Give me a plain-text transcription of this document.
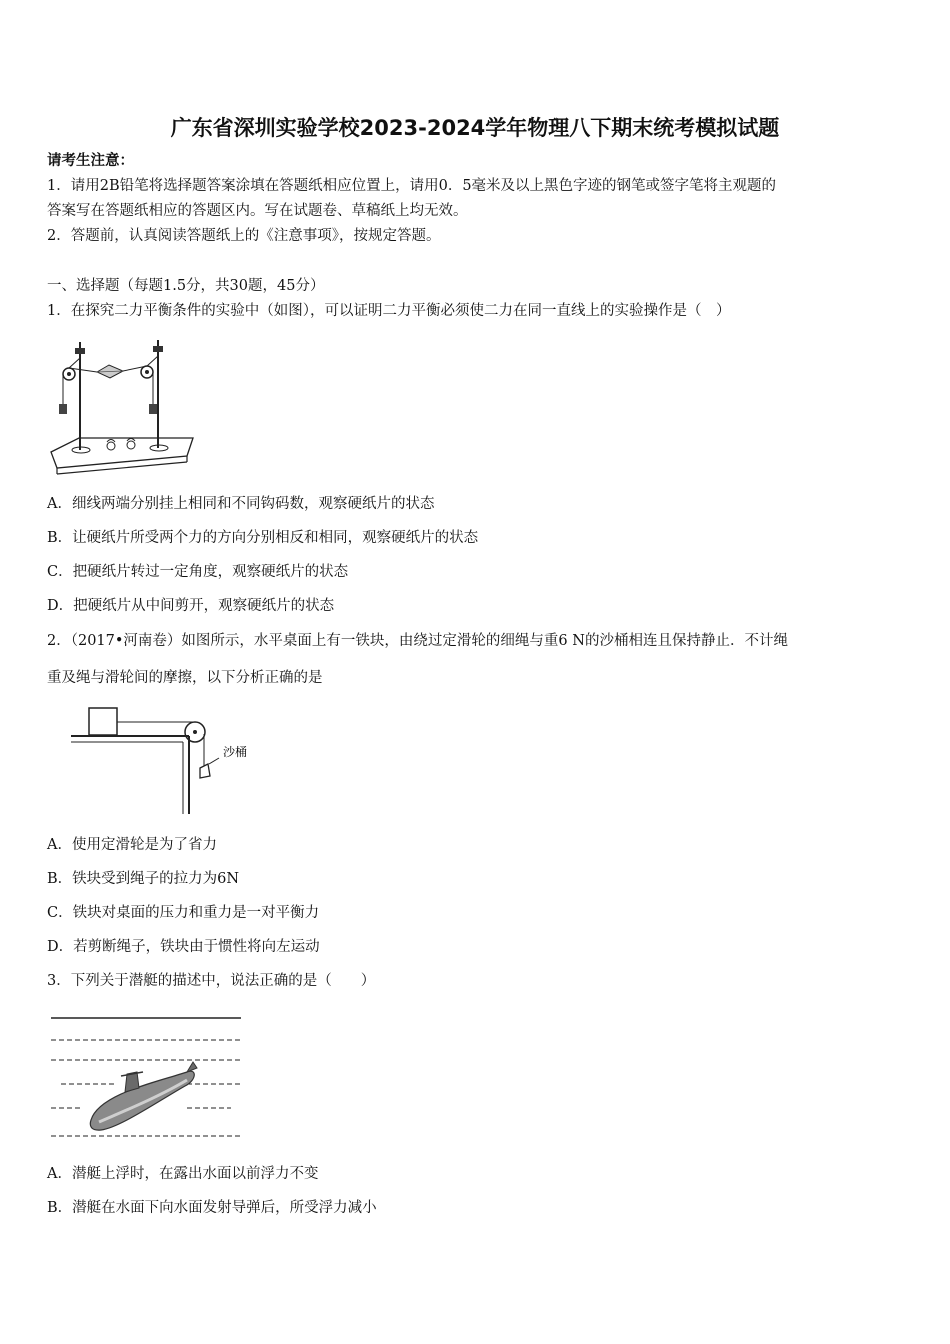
广东省深圳实验学校2023-2024学年物理八下期末统考模拟试题
请考生注意：
1．请用2B铅笔将选择题答案涂填在答题纸相应位置上，请用0．5毫米及以上黑色字迹的钢笔或签字笔将主观题的
答案写在答题纸相应的答题区内。写在试题卷、草稿纸上均无效。
2．答题前，认真阅读答题纸上的《注意事项》，按规定答题。
一、选择题（每题1.5分，共30题，45分）
1．在探究二力平衡条件的实验中（如图），可以证明二力平衡必须使二力在同一直线上的实验操作是（　）
A．细线两端分别挂上相同和不同钩码数，观察硬纸片的状态
B．让硬纸片所受两个力的方向分别相反和相同，观察硬纸片的状态
C．把硬纸片转过一定角度，观察硬纸片的状态
D．把硬纸片从中间剪开，观察硬纸片的状态
2．（2017•河南卷）如图所示，水平桌面上有一铁块，由绕过定滑轮的细绳与重6 N的沙桶相连且保持静止．不计绳
重及绳与滑轮间的摩擦，以下分析正确的是
沙桶
A．使用定滑轮是为了省力
B．铁块受到绳子的拉力为6N
C．铁块对桌面的压力和重力是一对平衡力
D．若剪断绳子，铁块由于惯性将向左运动
3．下列关于潜艇的描述中，说法正确的是（　　）
A．潜艇上浮时，在露出水面以前浮力不变
B．潜艇在水面下向水面发射导弹后，所受浮力减小
